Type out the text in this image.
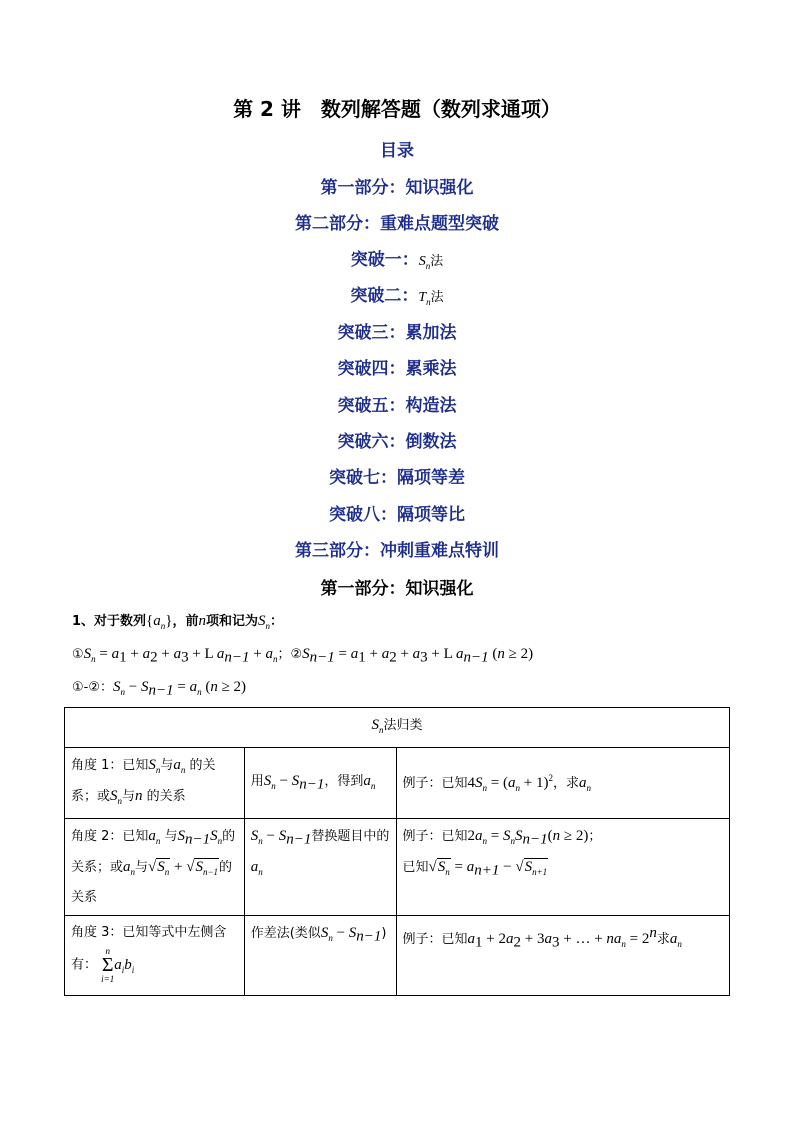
第 2 讲　数列解答题（数列求通项）
目录
第一部分：知识强化
第二部分：重难点题型突破
突破一：$S_n$法
突破二：$T_n$法
突破三：累加法
突破四：累乘法
突破五：构造法
突破六：倒数法
突破七：隔项等差
突破八：隔项等比
第三部分：冲刺重难点特训
第一部分：知识强化
1、对于数列$\{a_n\}$，前n项和记为$S_n$：
$①S_n = a_1 + a_2 + a_3 + L$ $a_{n-1} + a_n$；$②S_{n-1} = a_1 + a_2 + a_3 + L$ $a_{n-1}$ (n ≥ 2)
①-②：$S_n - S_{n-1} = a_n$ (n ≥ 2)
$S_n$法归类		
角度 1：已知$S_n$与$a_n$ 的关系；或$S_n$与n 的关系	用$S_n - S_{n-1}$，得到$a_n$	例子：已知$4S_n = (a_n + 1)^2$，求$a_n$
角度 2：已知$a_n$ 与$S_{n-1}S_n$的关系；或$a_n$与$√S_n + √S_{n-1}$的关系	$S_n - S_{n-1}$替换题目中的$a_n$	例子：已知$2a_n = S_nS_{n-1}(n \ge 2)$；
已知$√S_n = a_{n+1} - √S_{n+1}$
角度 3：已知等式中左侧含有：
n
Σ
i=1
$a_ib_i$	作差法(类似$S_n - S_{n-1}$)	例子：已知$a_1 + 2a_2 + 3a_3$ + … + $na_n = 2^n$求$a_n$
